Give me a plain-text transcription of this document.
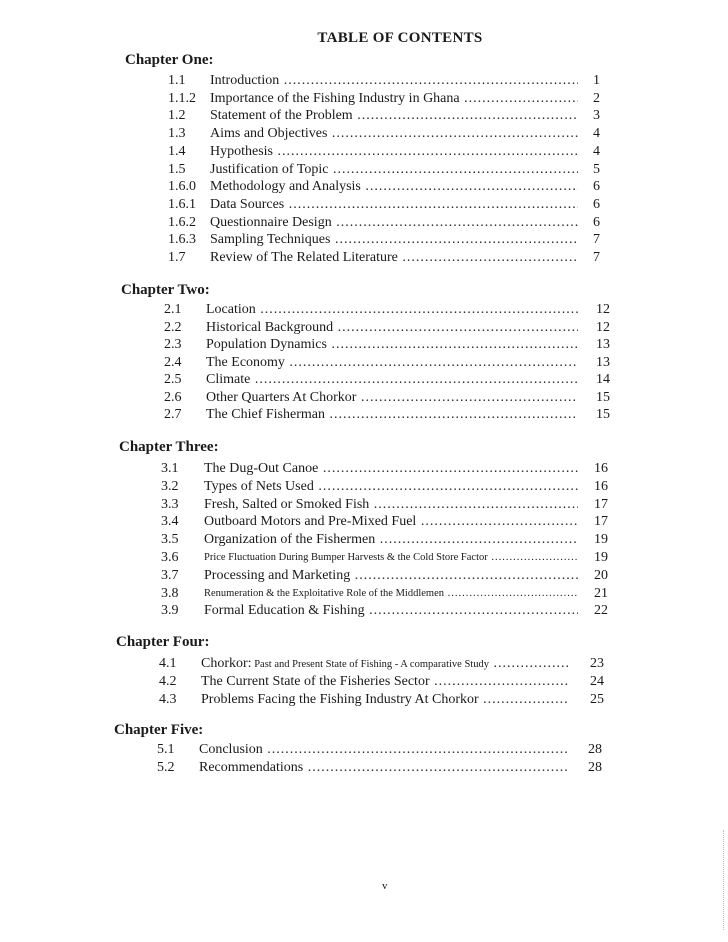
TABLE OF CONTENTS
Chapter One:
1.1 Introduction .....	1
1.1.2 Importance of the Fishing Industry in Ghana .....	2
1.2 Statement of the Problem .....	3
1.3 Aims and Objectives .....	4
1.4 Hypothesis .....	4
1.5 Justification of Topic .....	5
1.6.0 Methodology and Analysis .....	6
1.6.1 Data Sources .....	6
1.6.2 Questionnaire Design .....	6
1.6.3 Sampling Techniques .....	7
1.7 Review of The Related Literature .....	7
Chapter Two:
2.1 Location .....	12
2.2 Historical Background .....	12
2.3 Population Dynamics .....	13
2.4 The Economy .....	13
2.5 Climate .....	14
2.6 Other Quarters At Chorkor .....	15
2.7 The Chief Fisherman .....	15
Chapter Three:
3.1 The Dug-Out Canoe .....	16
3.2 Types of Nets Used .....	16
3.3 Fresh, Salted or Smoked Fish .....	17
3.4 Outboard Motors and Pre-Mixed Fuel .....	17
3.5 Organization of the Fishermen .....	19
3.6 Price Fluctuation During Bumper Harvests & the Cold Store Factor .....	19
3.7 Processing and Marketing .....	20
3.8 Renumeration & the Exploitative Role of the Middlemen .....	21
3.9 Formal Education & Fishing .....	22
Chapter Four:
4.1 Chorkor: Past and Present State of Fishing - A comparative Study .....	23
4.2 The Current State of the Fisheries Sector .....	24
4.3 Problems Facing the Fishing Industry At Chorkor .....	25
Chapter Five:
5.1 Conclusion .....	28
5.2 Recommendations .....	28
v
